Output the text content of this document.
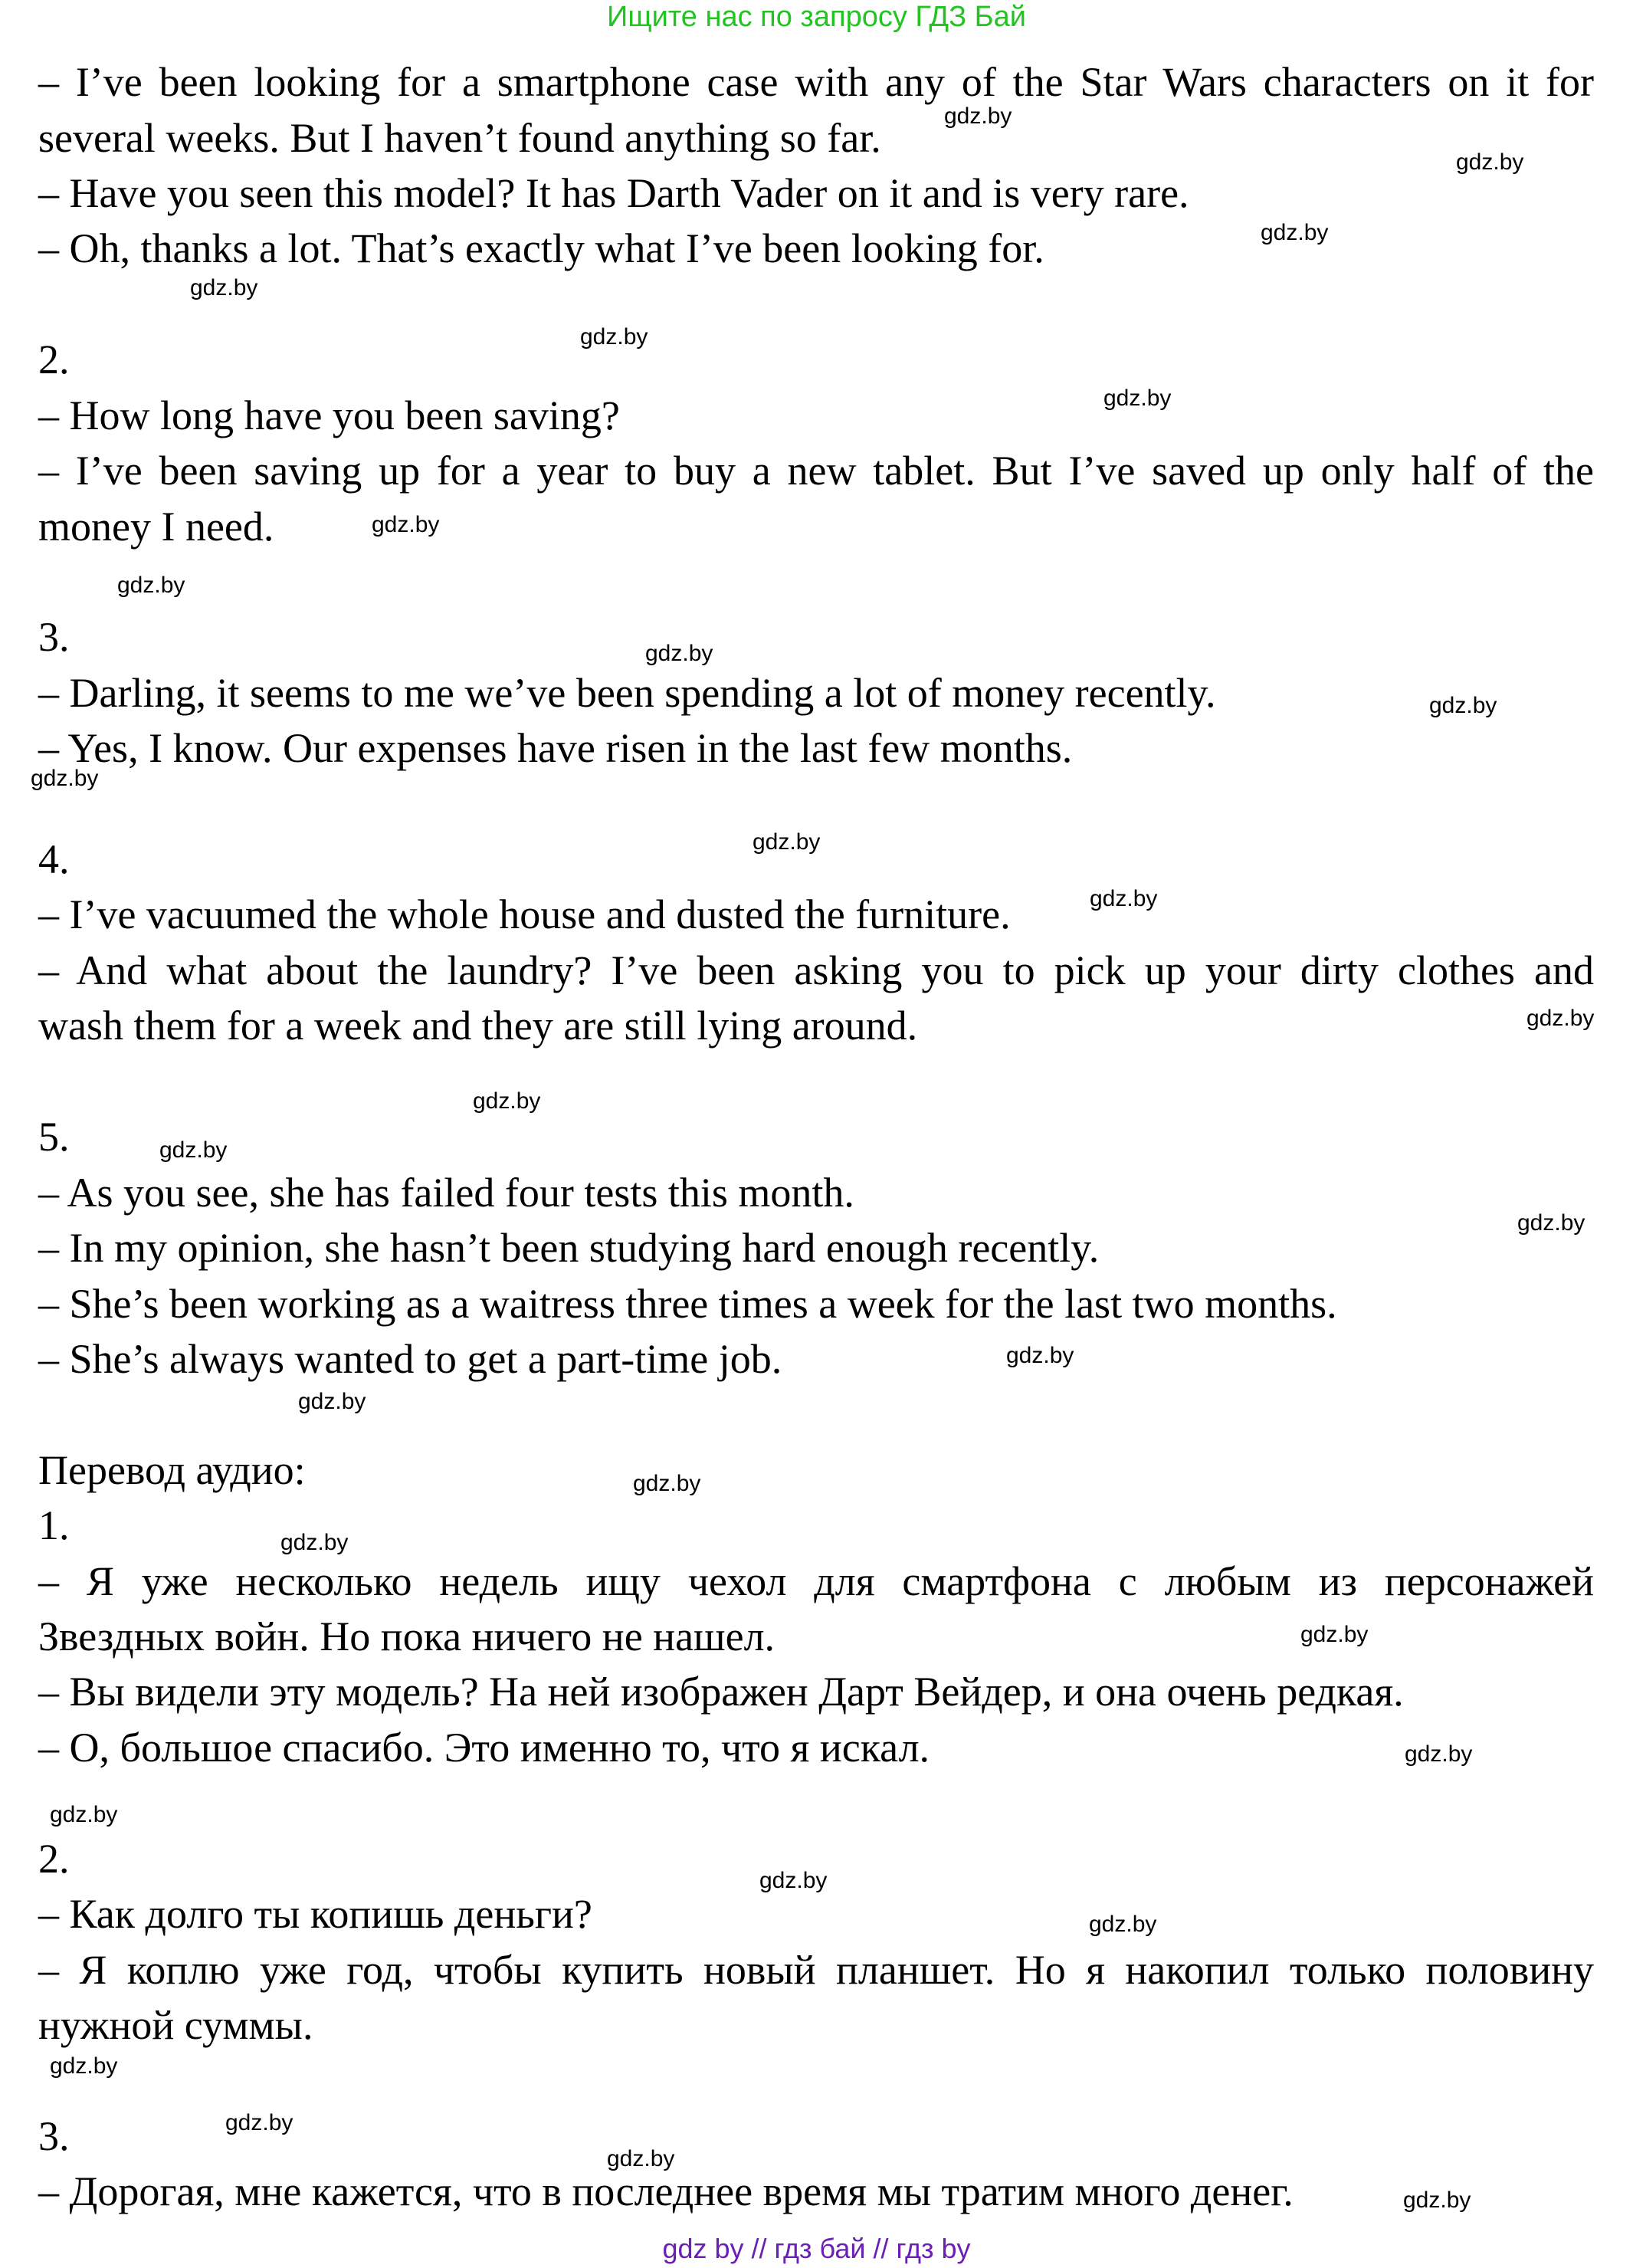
Ищите нас по запросу ГДЗ Бай
– I’ve been looking for a smartphone case with any of the Star Wars characters on it for
several weeks. But I haven’t found anything so far.
– Have you seen this model? It has Darth Vader on it and is very rare.
– Oh, thanks a lot. That’s exactly what I’ve been looking for.
2.
– How long have you been saving?
– I’ve been saving up for a year to buy a new tablet. But I’ve saved up only half of the
money I need.
3.
– Darling, it seems to me we’ve been spending a lot of money recently.
– Yes, I know. Our expenses have risen in the last few months.
4.
– I’ve vacuumed the whole house and dusted the furniture.
– And what about the laundry? I’ve been asking you to pick up your dirty clothes and
wash them for a week and they are still lying around.
5.
– As you see, she has failed four tests this month.
– In my opinion, she hasn’t been studying hard enough recently.
– She’s been working as a waitress three times a week for the last two months.
– She’s always wanted to get a part-time job.
Перевод аудио:
1.
– Я уже несколько недель ищу чехол для смартфона с любым из персонажей
Звездных войн. Но пока ничего не нашел.
– Вы видели эту модель? На ней изображен Дарт Вейдер, и она очень редкая.
– О, большое спасибо. Это именно то, что я искал.
2.
– Как долго ты копишь деньги?
– Я коплю уже год, чтобы купить новый планшет. Но я накопил только половину
нужной суммы.
3.
– Дорогая, мне кажется, что в последнее время мы тратим много денег.
gdz.by
gdz.by
gdz.by
gdz.by
gdz.by
gdz.by
gdz.by
gdz.by
gdz.by
gdz.by
gdz.by
gdz.by
gdz.by
gdz.by
gdz.by
gdz.by
gdz.by
gdz.by
gdz.by
gdz.by
gdz.by
gdz.by
gdz.by
gdz.by
gdz.by
gdz.by
gdz.by
gdz.by
gdz.by
gdz.by
gdz by // гдз бай // гдз by
